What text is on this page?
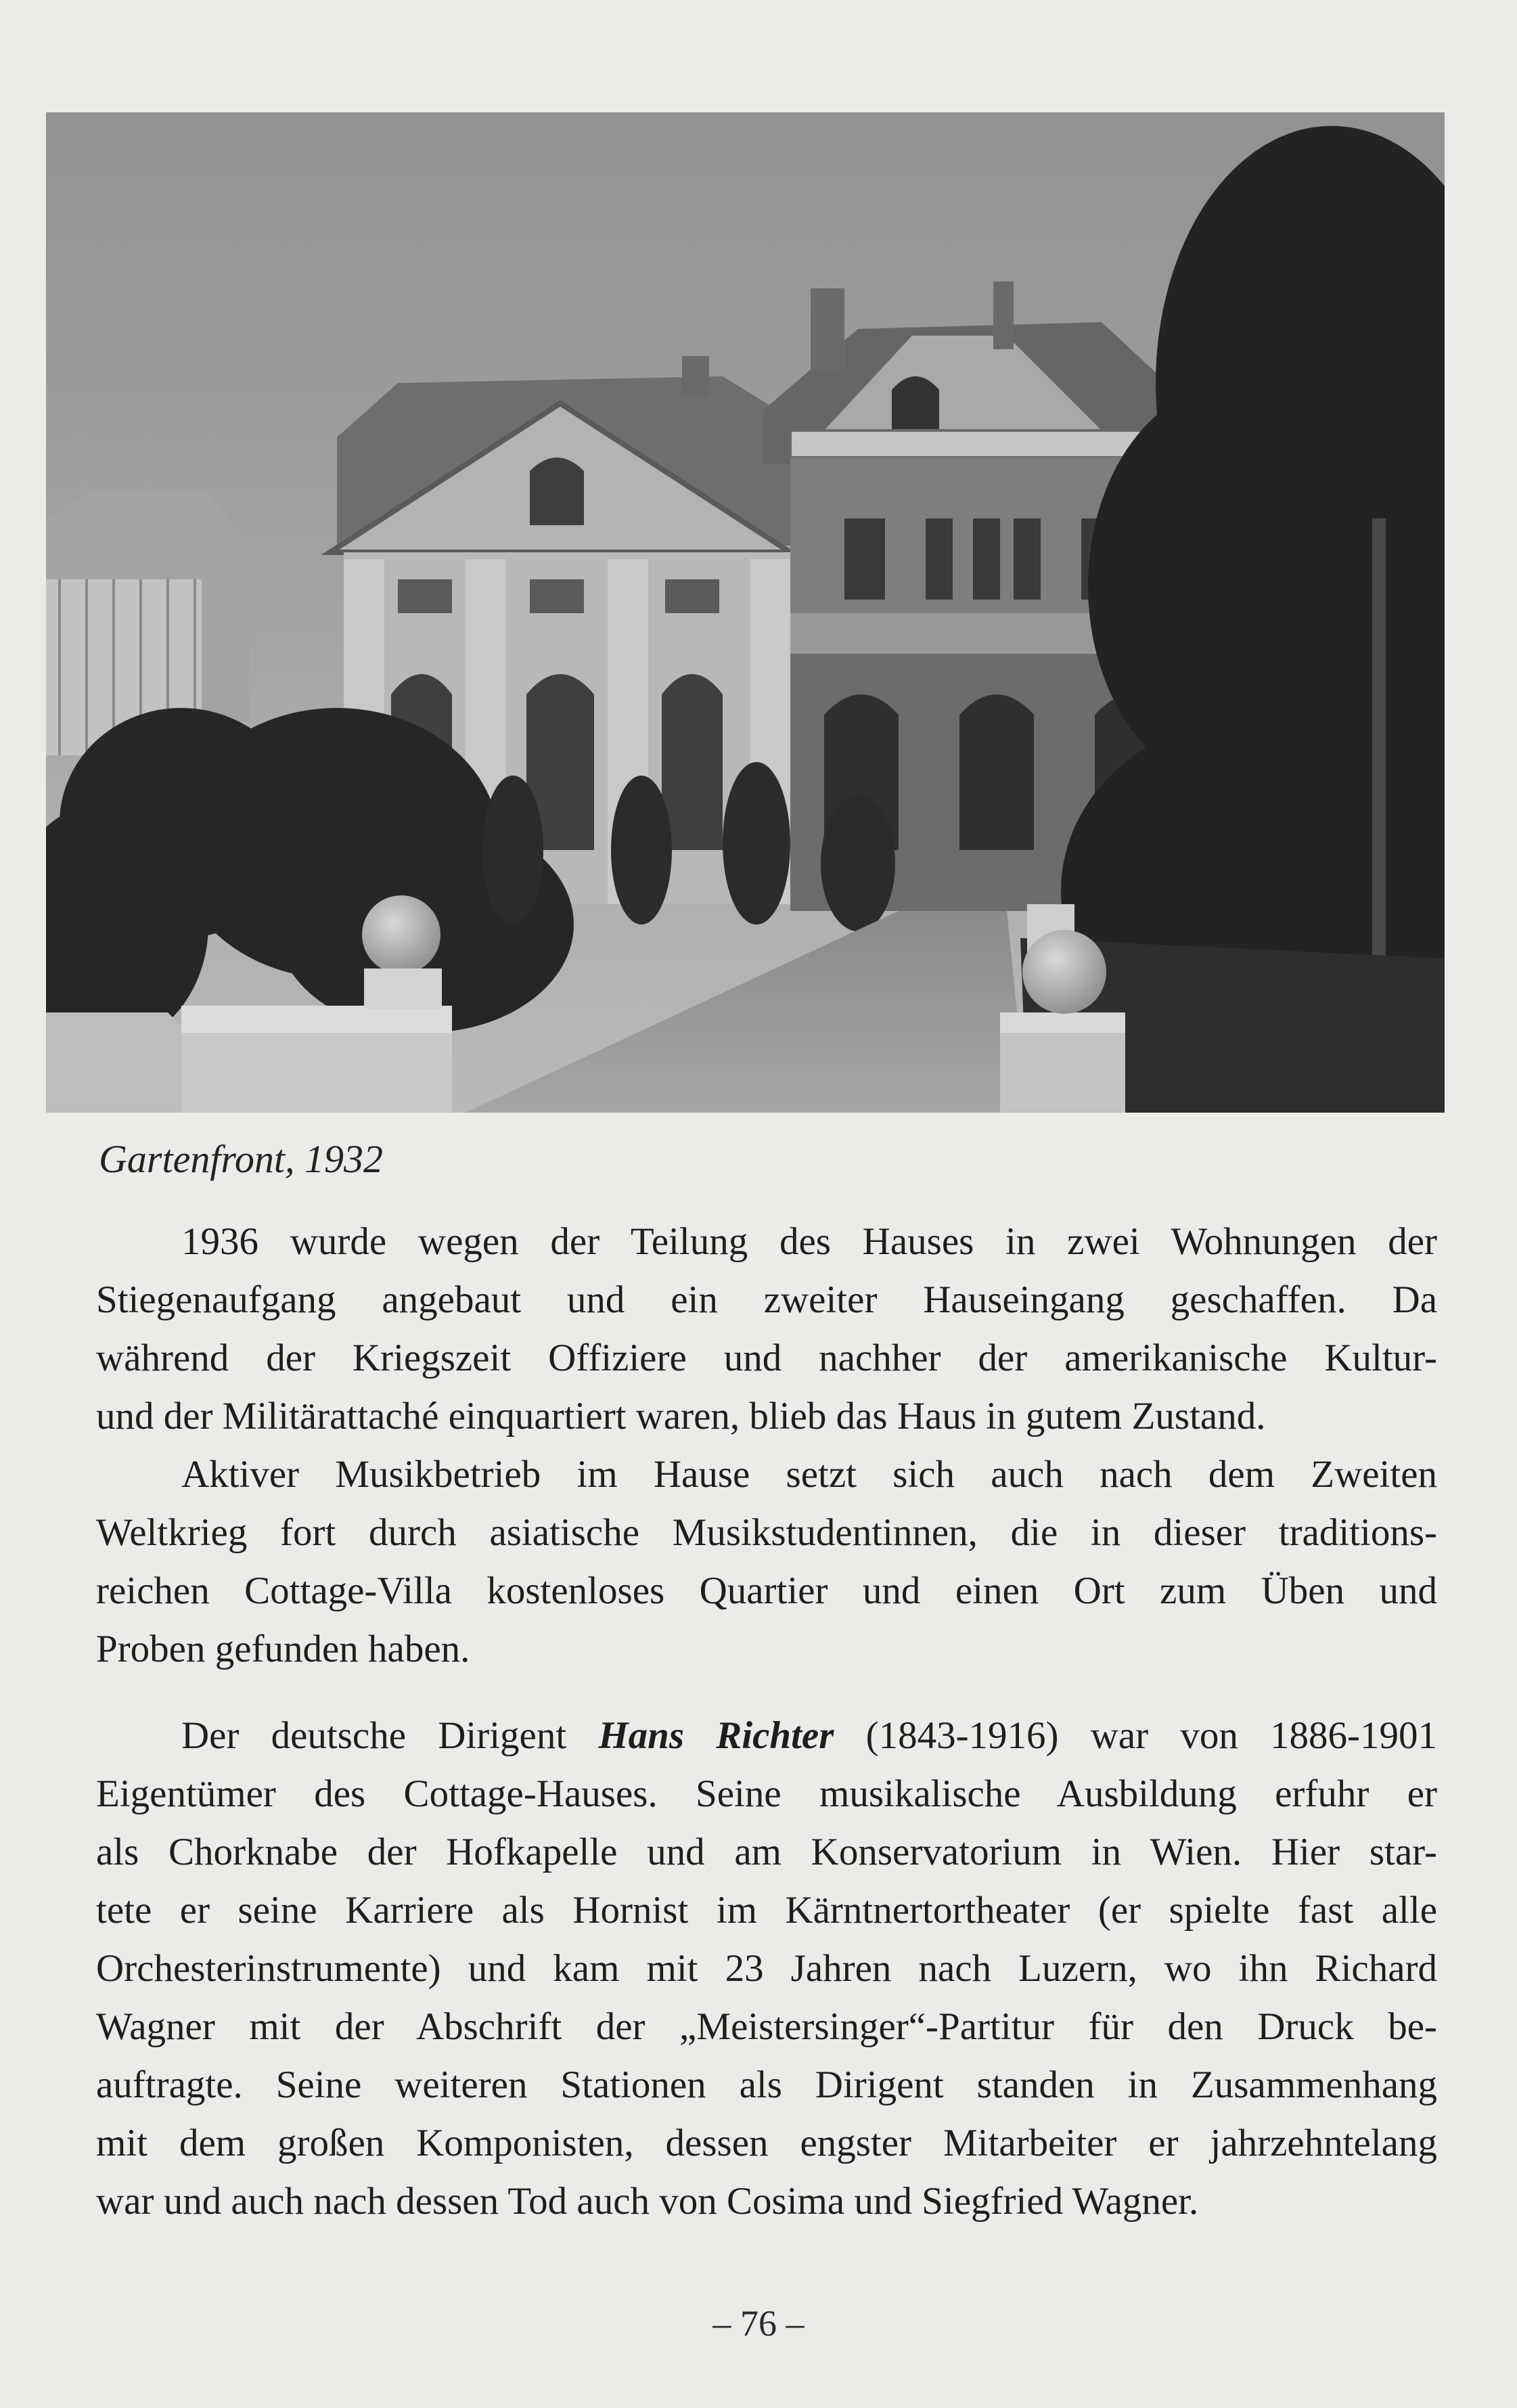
Gartenfront, 1932
1936 wurde wegen der Teilung des Hauses in zwei Wohnungen der
Stiegenaufgang angebaut und ein zweiter Hauseingang geschaffen. Da
während der Kriegszeit Offiziere und nachher der amerikanische Kultur-
und der Militärattaché einquartiert waren, blieb das Haus in gutem Zustand.
Aktiver Musikbetrieb im Hause setzt sich auch nach dem Zweiten
Weltkrieg fort durch asiatische Musikstudentinnen, die in dieser traditions-
reichen Cottage-Villa kostenloses Quartier und einen Ort zum Üben und
Proben gefunden haben.
Der deutsche Dirigent Hans Richter (1843-1916) war von 1886-1901
Eigentümer des Cottage-Hauses. Seine musikalische Ausbildung erfuhr er
als Chorknabe der Hofkapelle und am Konservatorium in Wien. Hier star-
tete er seine Karriere als Hornist im Kärntnertortheater (er spielte fast alle
Orchesterinstrumente) und kam mit 23 Jahren nach Luzern, wo ihn Richard
Wagner mit der Abschrift der „Meistersinger“-Partitur für den Druck be-
auftragte. Seine weiteren Stationen als Dirigent standen in Zusammenhang
mit dem großen Komponisten, dessen engster Mitarbeiter er jahrzehntelang
war und auch nach dessen Tod auch von Cosima und Siegfried Wagner.
– 76 –
